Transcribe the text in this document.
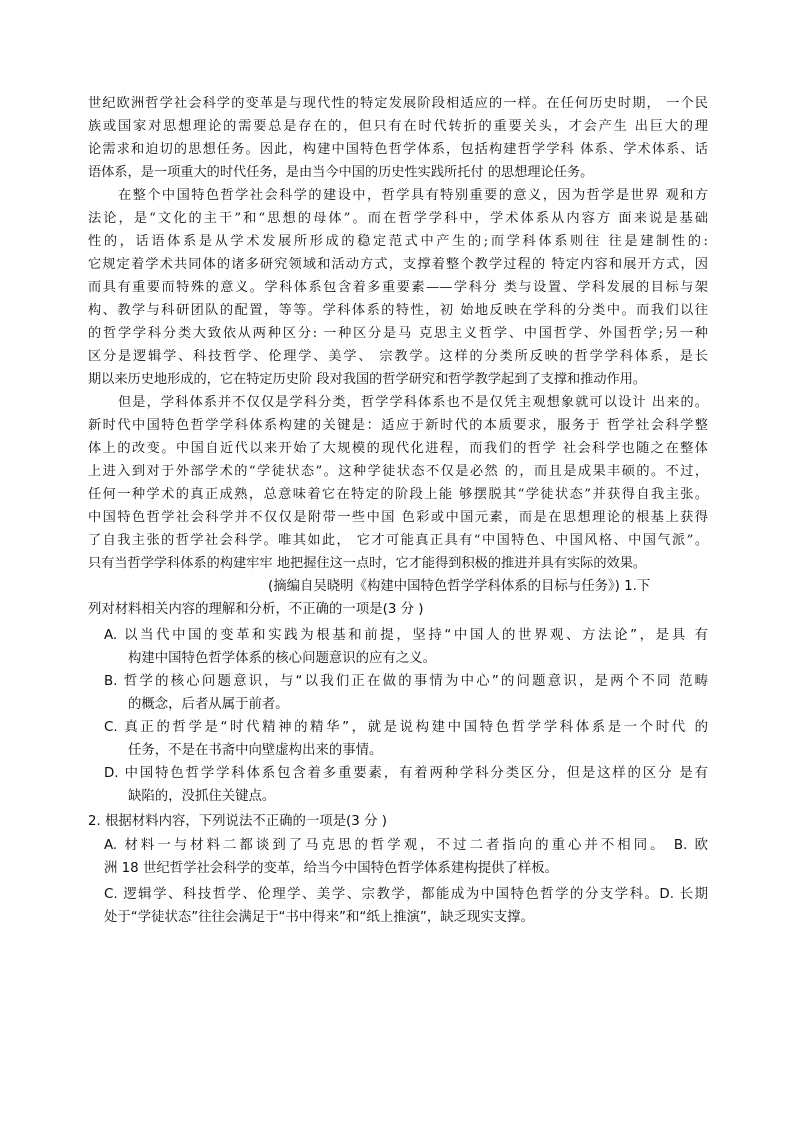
世纪欧洲哲学社会科学的变革是与现代性的特定发展阶段相适应的一样。在任何历史时期， 一个民
族或国家对思想理论的需要总是存在的，但只有在时代转折的重要关头，才会产生 出巨大的理
论需求和迫切的思想任务。因此，构建中国特色哲学体系，包括构建哲学学科 体系、学术体系、话
语体系，是一项重大的时代任务，是由当今中国的历史性实践所托付 的思想理论任务。
在整个中国特色哲学社会科学的建设中，哲学具有特别重要的意义，因为哲学是世界 观和方
法论，是“文化的主干”和“思想的母体”。而在哲学学科中，学术体系从内容方 面来说是基础
性的，话语体系是从学术发展所形成的稳定范式中产生的;而学科体系则往 往是建制性的:
它规定着学术共同体的诸多研究领域和活动方式，支撑着整个教学过程的 特定内容和展开方式，因
而具有重要而特殊的意义。学科体系包含着多重要素——学科分 类与设置、学科发展的目标与架
构、教学与科研团队的配置，等等。学科体系的特性，初 始地反映在学科的分类中。而我们以往
的哲学学科分类大致依从两种区分: 一种区分是马 克思主义哲学、中国哲学、外国哲学;另一种
区分是逻辑学、科技哲学、伦理学、美学、 宗教学。这样的分类所反映的哲学学科体系，是长
期以来历史地形成的，它在特定历史阶 段对我国的哲学研究和哲学教学起到了支撑和推动作用。
但是，学科体系并不仅仅是学科分类，哲学学科体系也不是仅凭主观想象就可以设计 出来的。
新时代中国特色哲学学科体系构建的关键是：适应于新时代的本质要求，服务于 哲学社会科学整
体上的改变。中国自近代以来开始了大规模的现代化进程，而我们的哲学 社会科学也随之在整体
上进入到对于外部学术的“学徒状态”。这种学徒状态不仅是必然 的，而且是成果丰硕的。不过，
任何一种学术的真正成熟，总意味着它在特定的阶段上能 够摆脱其“学徒状态”并获得自我主张。
中国特色哲学社会科学并不仅仅是附带一些中国 色彩或中国元素，而是在思想理论的根基上获得
了自我主张的哲学社会科学。唯其如此， 它才可能真正具有“中国特色、中国风格、中国气派”。
只有当哲学学科体系的构建牢牢 地把握住这一点时，它才能得到积极的推进并具有实际的效果。
(摘编自吴晓明《构建中国特色哲学学科体系的目标与任务》) 1.下
列对材料相关内容的理解和分析，不正确的一项是(3 分 )
A. 以当代中国的变革和实践为根基和前提，坚持“中国人的世界观、方法论”，是具 有
构建中国特色哲学体系的核心问题意识的应有之义。
B. 哲学的核心问题意识，与“以我们正在做的事情为中心”的问题意识，是两个不同 范畴
的概念，后者从属于前者。
C. 真正的哲学是“时代精神的精华”，就是说构建中国特色哲学学科体系是一个时代 的
任务，不是在书斋中向壁虚构出来的事情。
D. 中国特色哲学学科体系包含着多重要素，有着两种学科分类区分，但是这样的区分 是有
缺陷的，没抓住关键点。
2. 根据材料内容，下列说法不正确的一项是(3 分 )
A. 材料一与材料二都谈到了马克思的哲学观，不过二者指向的重心并不相同。 B. 欧
洲 18 世纪哲学社会科学的变革，给当今中国特色哲学体系建构提供了样板。
C. 逻辑学、科技哲学、伦理学、美学、宗教学，都能成为中国特色哲学的分支学科。D. 长期
处于“学徒状态”往往会满足于“书中得来”和“纸上推演”，缺乏现实支撑。
